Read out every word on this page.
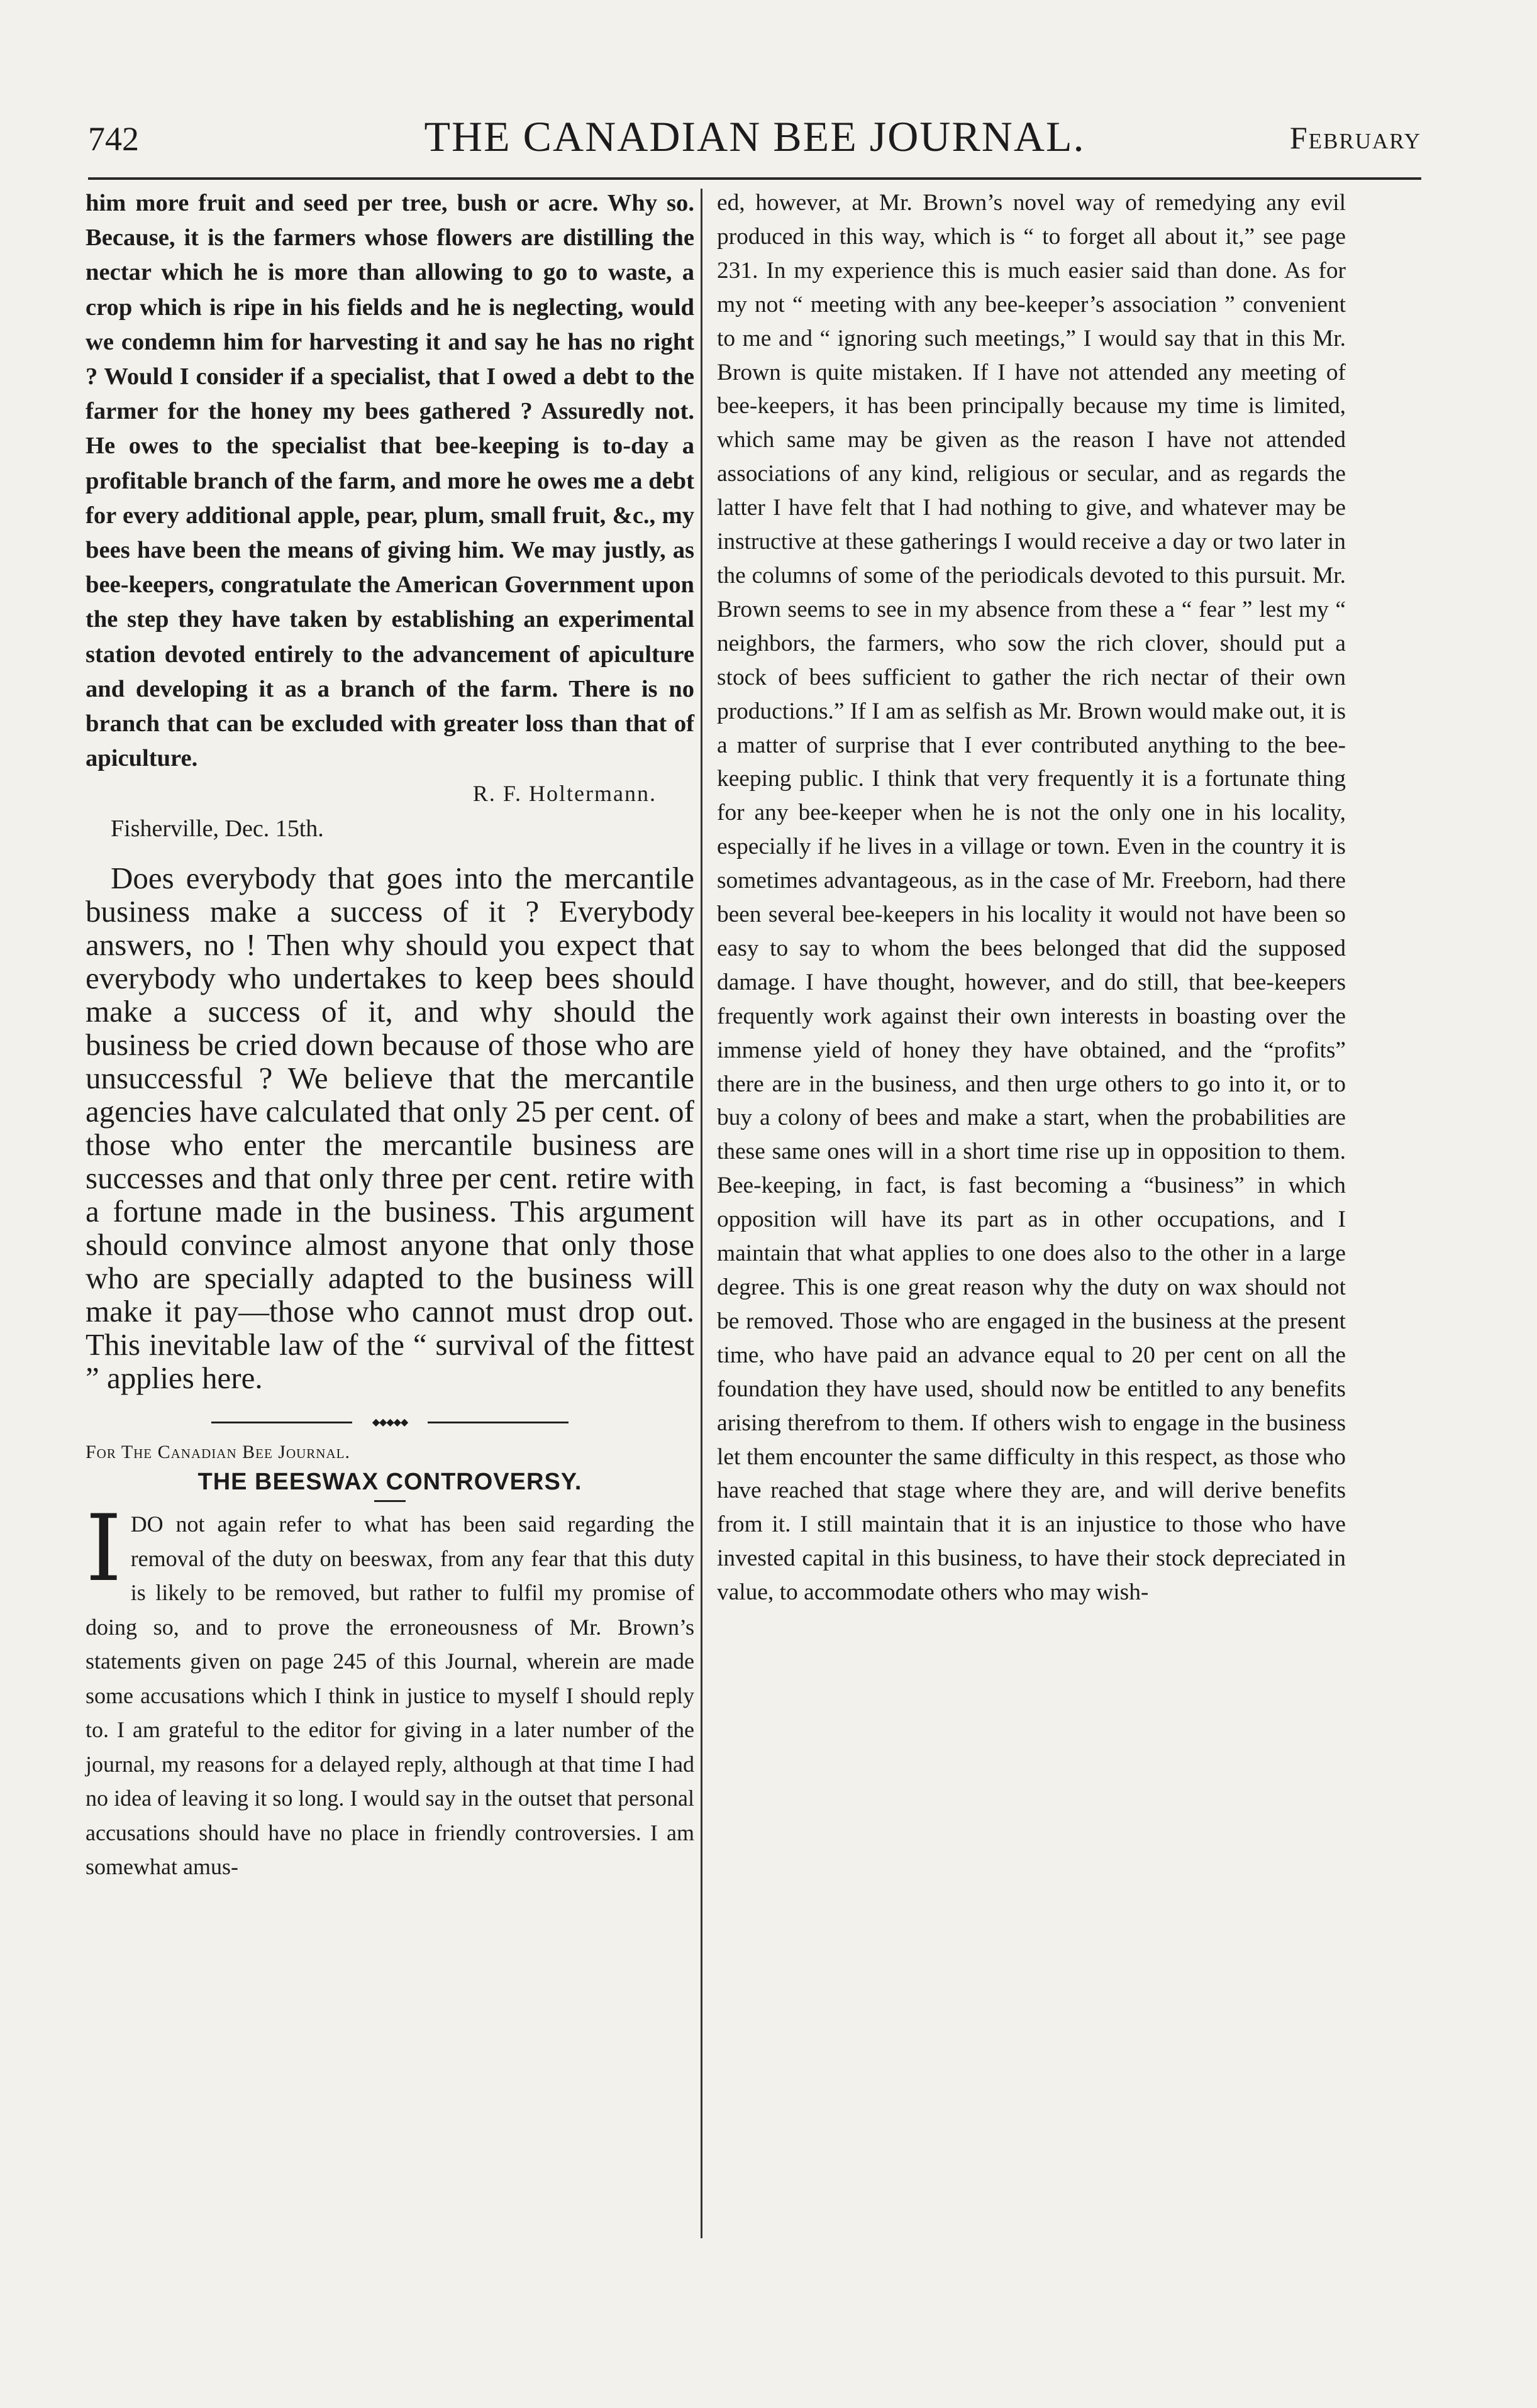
742	THE CANADIAN BEE JOURNAL.	February

him more fruit and seed per tree, bush or acre. Why so. Because, it is the farmers whose flowers are distilling the nectar which he is more than allowing to go to waste, a crop which is ripe in his fields and he is neglecting, would we condemn him for harvesting it and say he has no right ? Would I consider if a specialist, that I owed a debt to the farmer for the honey my bees gathered ? Assuredly not. He owes to the specialist that bee-keeping is to-day a profitable branch of the farm, and more he owes me a debt for every additional apple, pear, plum, small fruit, &c., my bees have been the means of giving him. We may justly, as bee-keepers, congratulate the American Government upon the step they have taken by establishing an experimental station devoted entirely to the advancement of apiculture and developing it as a branch of the farm. There is no branch that can be excluded with greater loss than that of apiculture.

R. F. Holtermann.
Fisherville, Dec. 15th.

Does everybody that goes into the mercantile business make a success of it ? Everybody answers, no ! Then why should you expect that everybody who undertakes to keep bees should make a success of it, and why should the business be cried down because of those who are unsuccessful ? We believe that the mercantile agencies have calculated that only 25 per cent. of those who enter the mercantile business are successes and that only three per cent. retire with a fortune made in the business. This argument should convince almost anyone that only those who are specially adapted to the business will make it pay—those who cannot must drop out. This inevitable law of the “ survival of the fittest ” applies here.

◆◆◆◆◆
For The Canadian Bee Journal.
THE BEESWAX CONTROVERSY.

IDO not again refer to what has been said regarding the removal of the duty on beeswax, from any fear that this duty is likely to be removed, but rather to fulfil my promise of doing so, and to prove the erroneousness of Mr. Brown’s statements given on page 245 of this Journal, wherein are made some accusations which I think in justice to myself I should reply to. I am grateful to the editor for giving in a later number of the journal, my reasons for a delayed reply, although at that time I had no idea of leaving it so long. I would say in the outset that personal accusations should have no place in friendly controversies. I am somewhat amus-

ed, however, at Mr. Brown’s novel way of remedying any evil produced in this way, which is “ to forget all about it,” see page 231. In my experience this is much easier said than done. As for my not “ meeting with any bee-keeper’s association ” convenient to me and “ ignoring such meetings,” I would say that in this Mr. Brown is quite mistaken. If I have not attended any meeting of bee-keepers, it has been principally because my time is limited, which same may be given as the reason I have not attended associations of any kind, religious or secular, and as regards the latter I have felt that I had nothing to give, and whatever may be instructive at these gatherings I would receive a day or two later in the columns of some of the periodicals devoted to this pursuit. Mr. Brown seems to see in my absence from these a “ fear ” lest my “ neighbors, the farmers, who sow the rich clover, should put a stock of bees sufficient to gather the rich nectar of their own productions.” If I am as selfish as Mr. Brown would make out, it is a matter of surprise that I ever contributed anything to the bee-keeping public. I think that very frequently it is a fortunate thing for any bee-keeper when he is not the only one in his locality, especially if he lives in a village or town. Even in the country it is sometimes advantageous, as in the case of Mr. Freeborn, had there been several bee-keepers in his locality it would not have been so easy to say to whom the bees belonged that did the supposed damage. I have thought, however, and do still, that bee-keepers frequently work against their own interests in boasting over the immense yield of honey they have obtained, and the “profits” there are in the business, and then urge others to go into it, or to buy a colony of bees and make a start, when the probabilities are these same ones will in a short time rise up in opposition to them. Bee-keeping, in fact, is fast becoming a “business” in which opposition will have its part as in other occupations, and I maintain that what applies to one does also to the other in a large degree. This is one great reason why the duty on wax should not be removed. Those who are engaged in the business at the present time, who have paid an advance equal to 20 per cent on all the foundation they have used, should now be entitled to any benefits arising therefrom to them. If others wish to engage in the business let them encounter the same difficulty in this respect, as those who have reached that stage where they are, and will derive benefits from it. I still maintain that it is an injustice to those who have invested capital in this business, to have their stock depreciated in value, to accommodate others who may wish-
